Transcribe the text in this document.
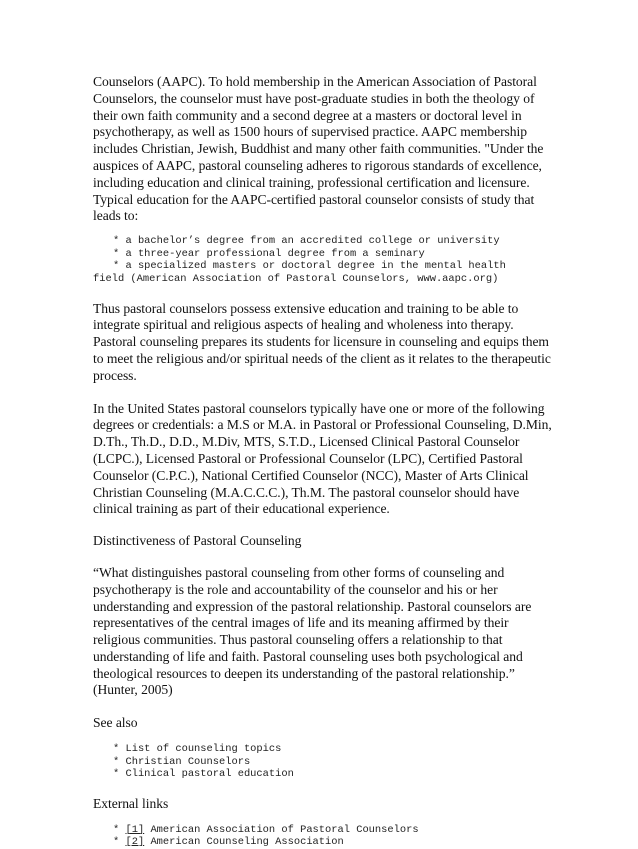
Counselors (AAPC). To hold membership in the American Association of Pastoral Counselors, the counselor must have post-graduate studies in both the theology of their own faith community and a second degree at a masters or doctoral level in psychotherapy, as well as 1500 hours of supervised practice. AAPC membership includes Christian, Jewish, Buddhist and many other faith communities. "Under the auspices of AAPC, pastoral counseling adheres to rigorous standards of excellence, including education and clinical training, professional certification and licensure. Typical education for the AAPC-certified pastoral counselor consists of study that leads to:

* a bachelor’s degree from an accredited college or university

* a three-year professional degree from a seminary

* a specialized masters or doctoral degree in the mental health

field (American Association of Pastoral Counselors, www.aapc.org)

Thus pastoral counselors possess extensive education and training to be able to integrate spiritual and religious aspects of healing and wholeness into therapy. Pastoral counseling prepares its students for licensure in counseling and equips them to meet the religious and/or spiritual needs of the client as it relates to the therapeutic process.

In the United States pastoral counselors typically have one or more of the following degrees or credentials: a M.S or M.A. in Pastoral or Professional Counseling, D.Min, D.Th., Th.D., D.D., M.Div, MTS, S.T.D., Licensed Clinical Pastoral Counselor (LCPC.), Licensed Pastoral or Professional Counselor (LPC), Certified Pastoral Counselor (C.P.C.), National Certified Counselor (NCC), Master of Arts Clinical Christian Counseling (M.A.C.C.C.), Th.M. The pastoral counselor should have clinical training as part of their educational experience.

Distinctiveness of Pastoral Counseling

“What distinguishes pastoral counseling from other forms of counseling and psychotherapy is the role and accountability of the counselor and his or her understanding and expression of the pastoral relationship. Pastoral counselors are representatives of the central images of life and its meaning affirmed by their religious communities. Thus pastoral counseling offers a relationship to that understanding of life and faith. Pastoral counseling uses both psychological and theological resources to deepen its understanding of the pastoral relationship.” (Hunter, 2005)

See also

* List of counseling topics

* Christian Counselors

* Clinical pastoral education

External links

* [1] American Association of Pastoral Counselors

* [2] American Counseling Association
